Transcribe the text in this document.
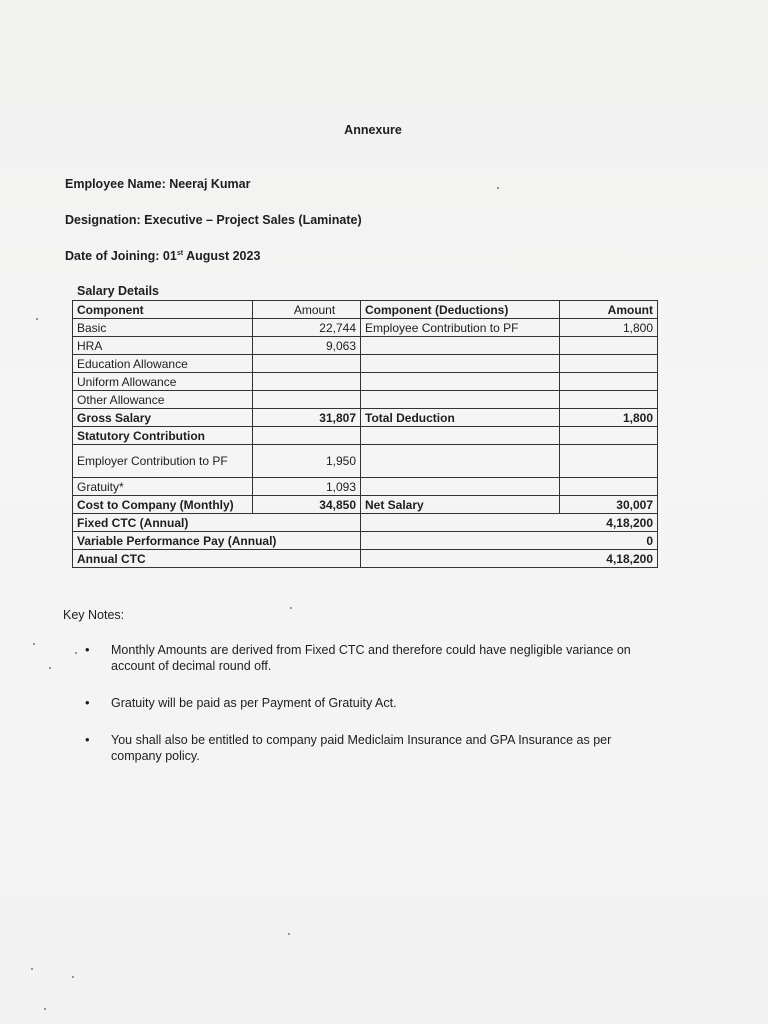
Annexure
Employee Name: Neeraj Kumar
Designation: Executive – Project Sales (Laminate)
Date of Joining: 01st August 2023
Salary Details
Component	Amount	Component (Deductions)	Amount
Basic	22,744	Employee Contribution to PF	1,800
HRA	9,063		
Education Allowance			
Uniform Allowance			
Other Allowance			
Gross Salary	31,807	Total Deduction	1,800
Statutory Contribution			
Employer Contribution to PF	1,950		
Gratuity*	1,093		
Cost to Company (Monthly)	34,850	Net Salary	30,007
Fixed CTC (Annual)		4,18,200	
Variable Performance Pay (Annual)		0	
Annual CTC		4,18,200	
Key Notes:
• Monthly Amounts are derived from Fixed CTC and therefore could have negligible variance on account of decimal round off.
• Gratuity will be paid as per Payment of Gratuity Act.
• You shall also be entitled to company paid Mediclaim Insurance and GPA Insurance as per company policy.
